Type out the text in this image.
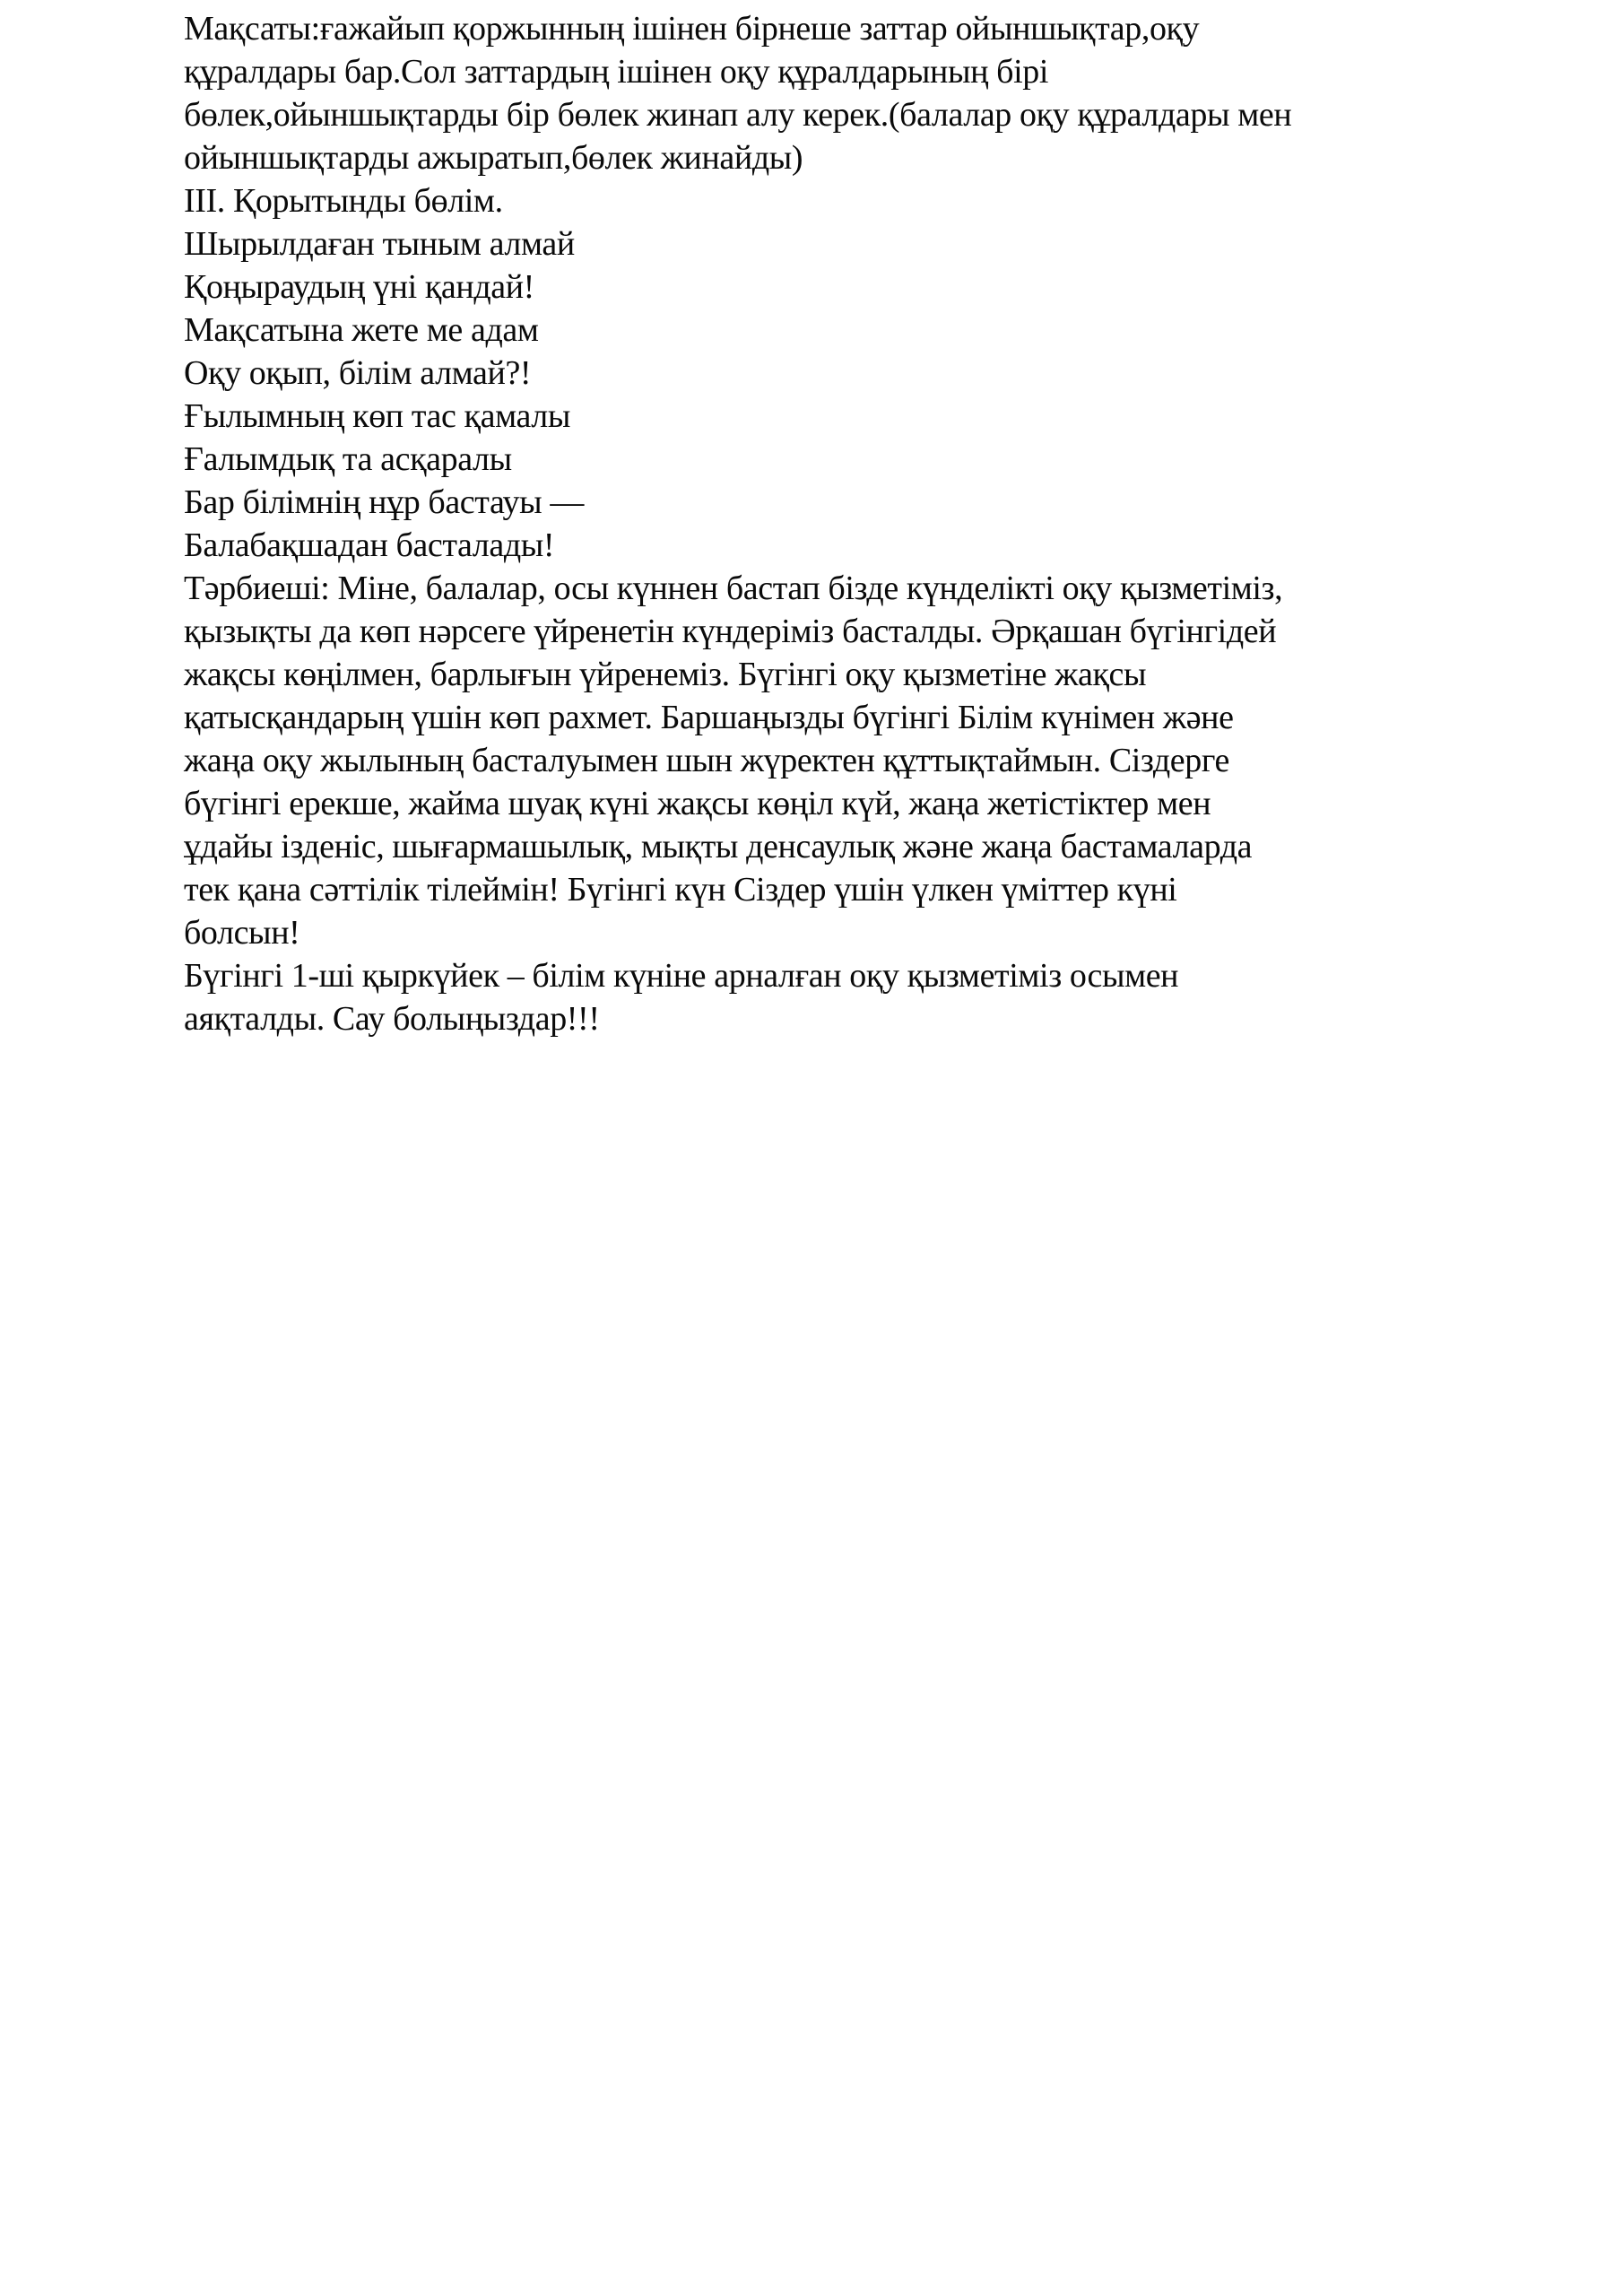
Мақсаты:ғажайып қоржынның ішінен бірнеше заттар ойыншықтар,оқу

құралдары бар.Сол заттардың ішінен оқу құралдарының бірі

бөлек,ойыншықтарды бір бөлек жинап алу керек.(балалар оқу құралдары мен

ойыншықтарды ажыратып,бөлек жинайды)

ІІІ. Қорытынды бөлім.

Шырылдаған тыным алмай

Қоңыраудың үні қандай!

Мақсатына жете ме адам

Оқу оқып, білім алмай?!

Ғылымның көп тас қамалы

Ғалымдық та асқаралы

Бар білімнің нұр бастауы —

Балабақшадан басталады!

Тәрбиеші: Міне, балалар, осы күннен бастап бізде күнделікті оқу қызметіміз,

қызықты да көп нәрсеге үйренетін күндеріміз басталды. Әрқашан бүгінгідей

жақсы көңілмен, барлығын үйренеміз. Бүгінгі оқу қызметіне жақсы

қатысқандарың үшін көп рахмет. Баршаңызды бүгінгі Білім күнімен және

жаңа оқу жылының басталуымен шын жүректен құттықтаймын. Сіздерге

бүгінгі ерекше, жайма шуақ күні жақсы көңіл күй, жаңа жетістіктер мен

ұдайы ізденіс, шығармашылық, мықты денсаулық және жаңа бастамаларда

тек қана сәттілік тілеймін! Бүгінгі күн Сіздер үшін үлкен үміттер күні

болсын!

Бүгінгі 1-ші қыркүйек – білім күніне арналған оқу қызметіміз осымен

аяқталды. Сау болыңыздар!!!
